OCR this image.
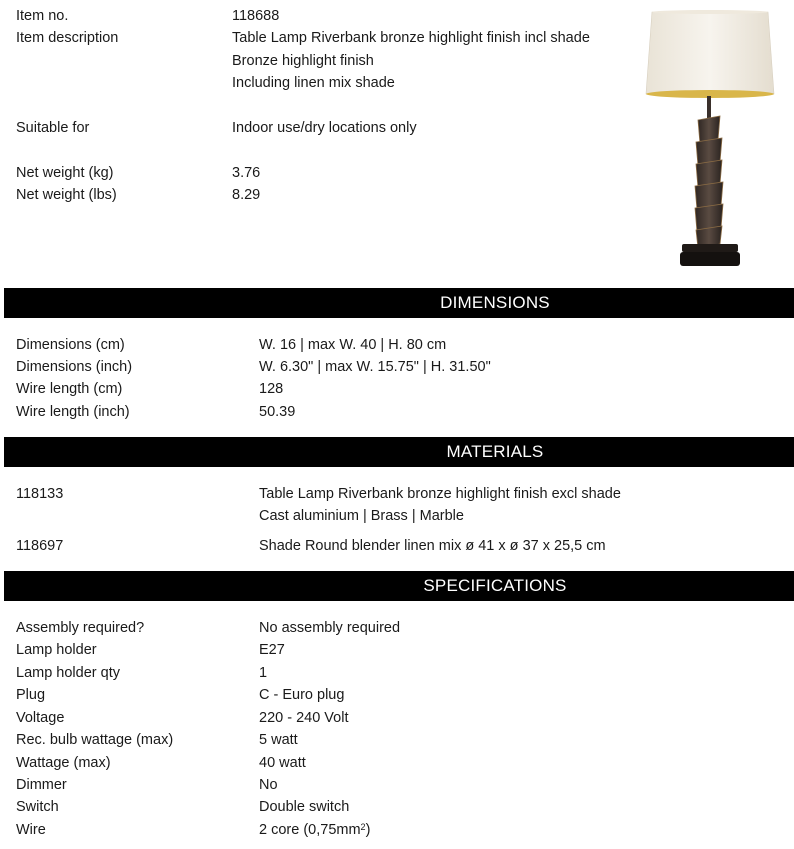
Item no.	118688
Item description	Table Lamp Riverbank bronze highlight finish incl shade
Bronze highlight finish
Including linen mix shade
Suitable for	Indoor use/dry locations only
Net weight (kg)	3.76
Net weight (lbs)	8.29
DIMENSIONS
Dimensions (cm)	W. 16 | max W. 40 | H. 80 cm
Dimensions (inch)	W. 6.30" | max W. 15.75" | H. 31.50"
Wire length (cm)	128
Wire length (inch)	50.39
MATERIALS
118133	Table Lamp Riverbank bronze highlight finish excl shade
Cast aluminium | Brass | Marble
118697	Shade Round blender linen mix ø 41 x ø 37 x 25,5 cm
SPECIFICATIONS
Assembly required?	No assembly required
Lamp holder	E27
Lamp holder qty	1
Plug	C - Euro plug
Voltage	220 - 240 Volt
Rec. bulb wattage (max)	5 watt
Wattage (max)	40 watt
Dimmer	No
Switch	Double switch
Wire	2 core $(0,75mm^2)$
